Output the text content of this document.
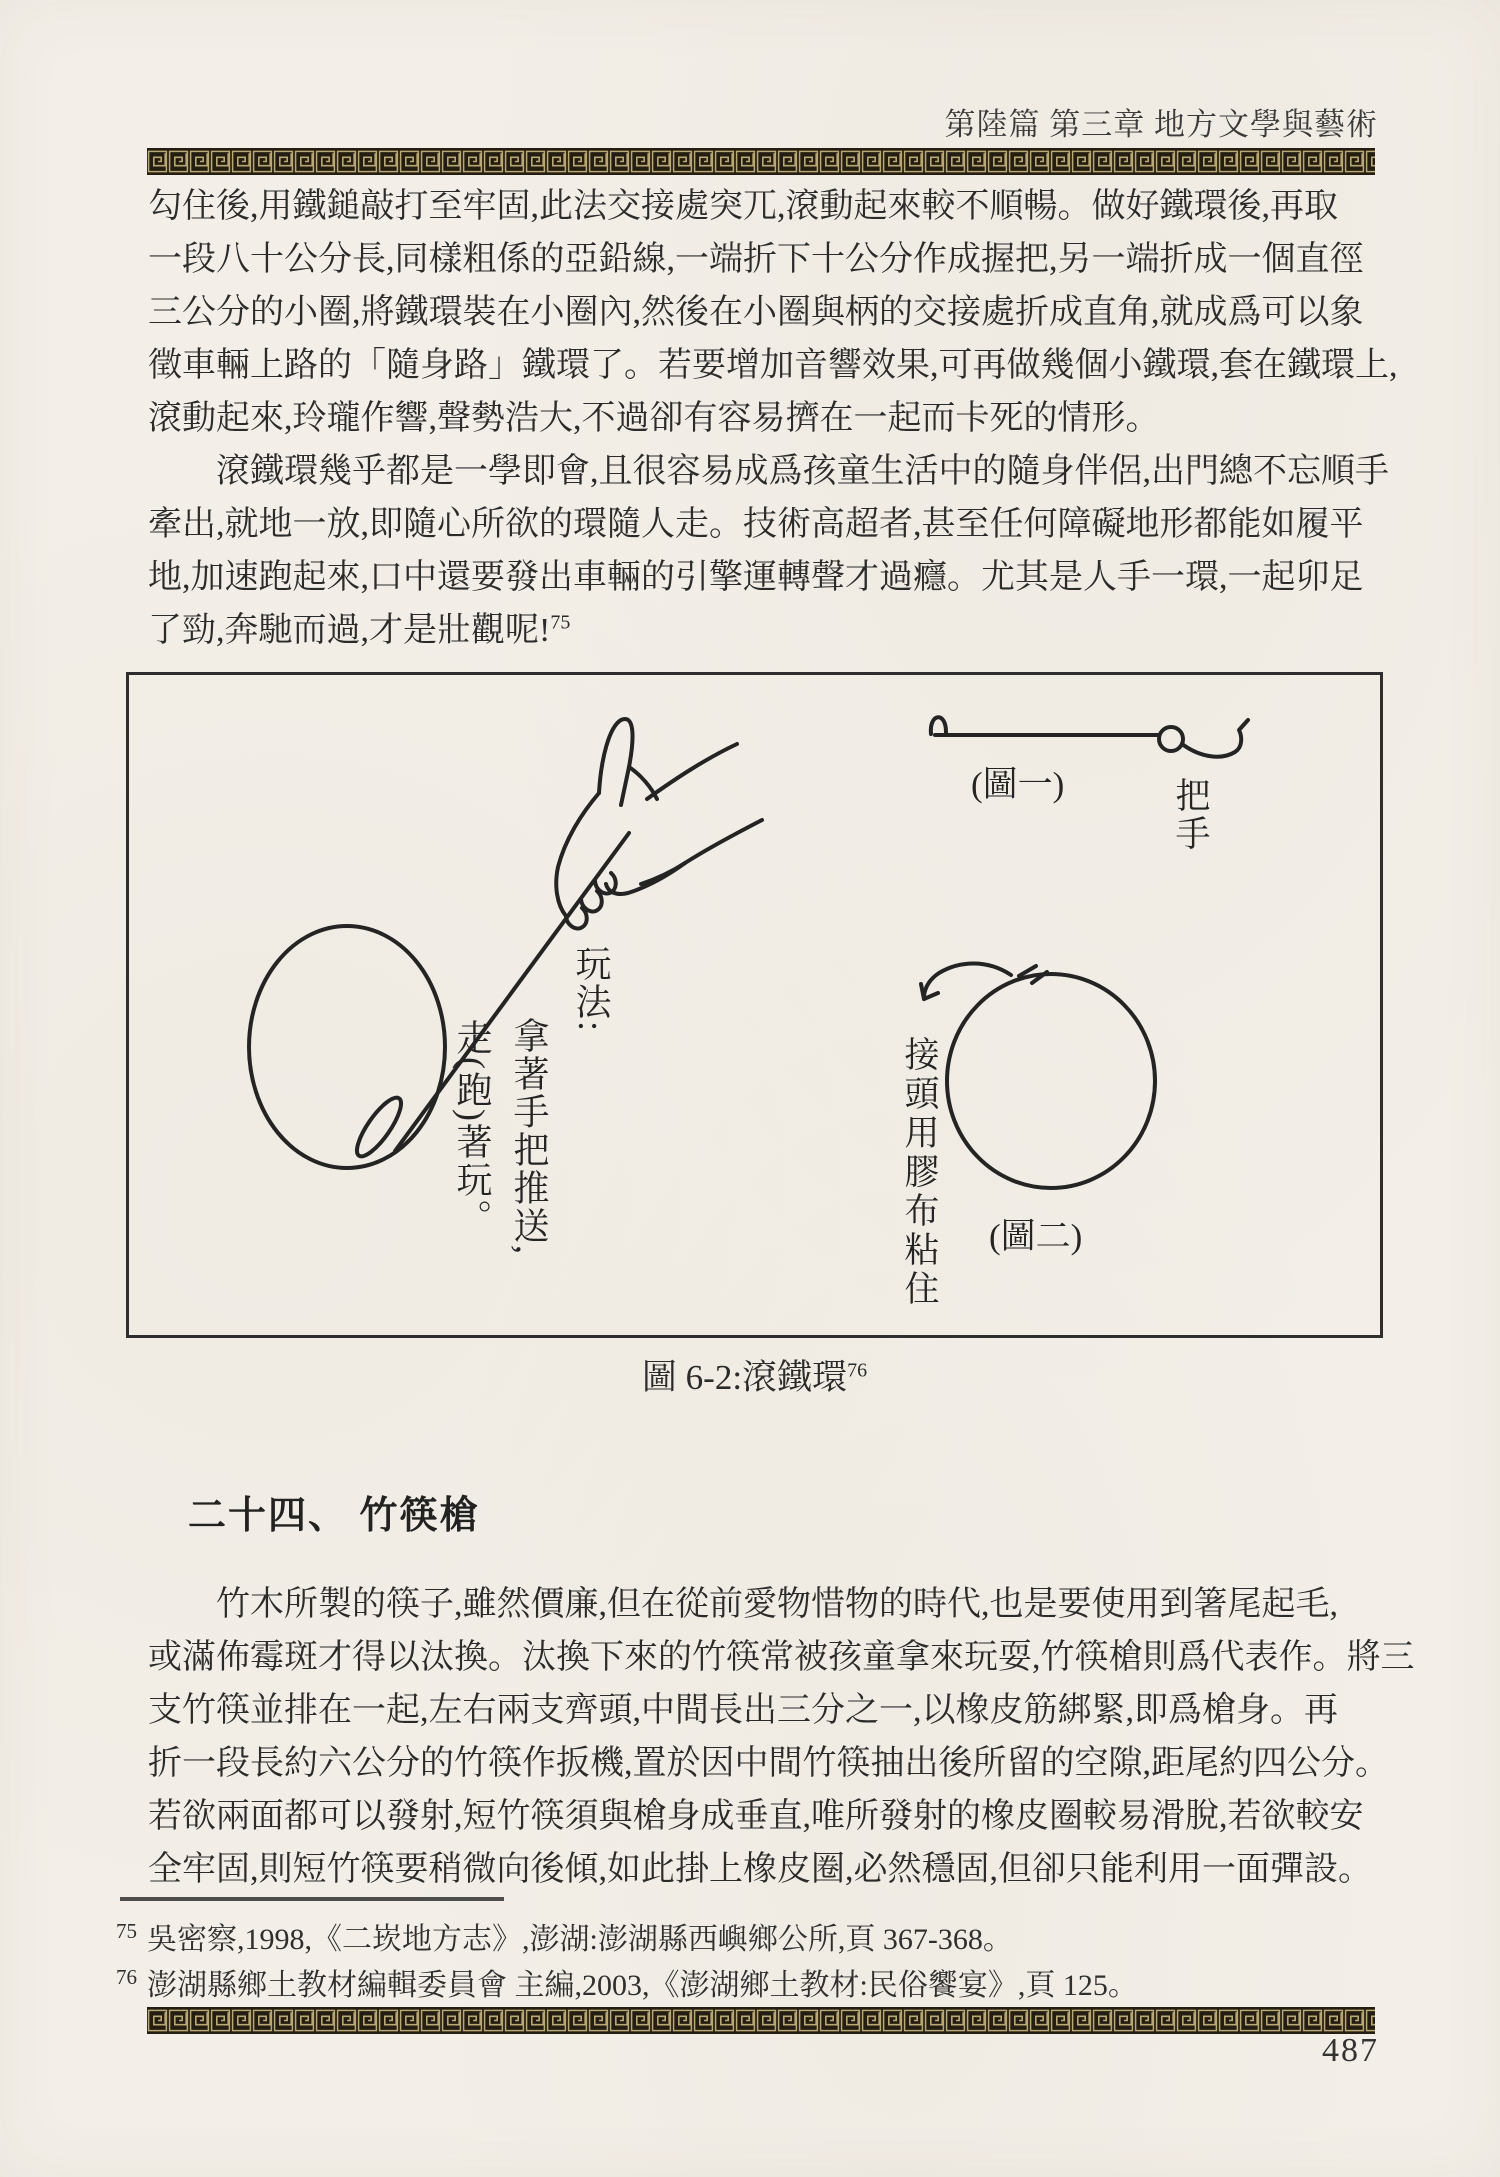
第陸篇 第三章 地方文學與藝術
勾住後,用鐵鎚敲打至牢固,此法交接處突兀,滾動起來較不順暢。做好鐵環後,再取
一段八十公分長,同樣粗係的亞鉛線,一端折下十公分作成握把,另一端折成一個直徑
三公分的小圈,將鐵環裝在小圈內,然後在小圈與柄的交接處折成直角,就成爲可以象
徵車輛上路的「隨身路」鐵環了。若要增加音響效果,可再做幾個小鐵環,套在鐵環上,
滾動起來,玲瓏作響,聲勢浩大,不過卻有容易擠在一起而卡死的情形。
滾鐵環幾乎都是一學即會,且很容易成爲孩童生活中的隨身伴侶,出門總不忘順手
牽出,就地一放,即隨心所欲的環隨人走。技術高超者,甚至任何障礙地形都能如履平
地,加速跑起來,口中還要發出車輛的引擎運轉聲才過癮。尤其是人手一環,一起卯足
了勁,奔馳而過,才是壯觀呢!$^{75}$
(圖一)	把手
玩法:
拿著手把推送,
走(跑)著玩。	接頭用膠布粘住 (圖二)
圖 6-2:滾鐵環$^{76}$
二十四、 竹筷槍
竹木所製的筷子,雖然價廉,但在從前愛物惜物的時代,也是要使用到箸尾起毛,
或滿佈霉斑才得以汰換。汰換下來的竹筷常被孩童拿來玩耍,竹筷槍則爲代表作。將三
支竹筷並排在一起,左右兩支齊頭,中間長出三分之一,以橡皮筋綁緊,即爲槍身。再
折一段長約六公分的竹筷作扳機,置於因中間竹筷抽出後所留的空隙,距尾約四公分。
若欲兩面都可以發射,短竹筷須與槍身成垂直,唯所發射的橡皮圈較易滑脫,若欲較安
全牢固,則短竹筷要稍微向後傾,如此掛上橡皮圈,必然穩固,但卻只能利用一面彈設。
$^{75}$ 吳密察,1998,《二崁地方志》,澎湖:澎湖縣西嶼鄉公所,頁 367-368。
$^{76}$ 澎湖縣鄉土教材編輯委員會 主編,2003,《澎湖鄉土教材:民俗饗宴》,頁 125。
487
